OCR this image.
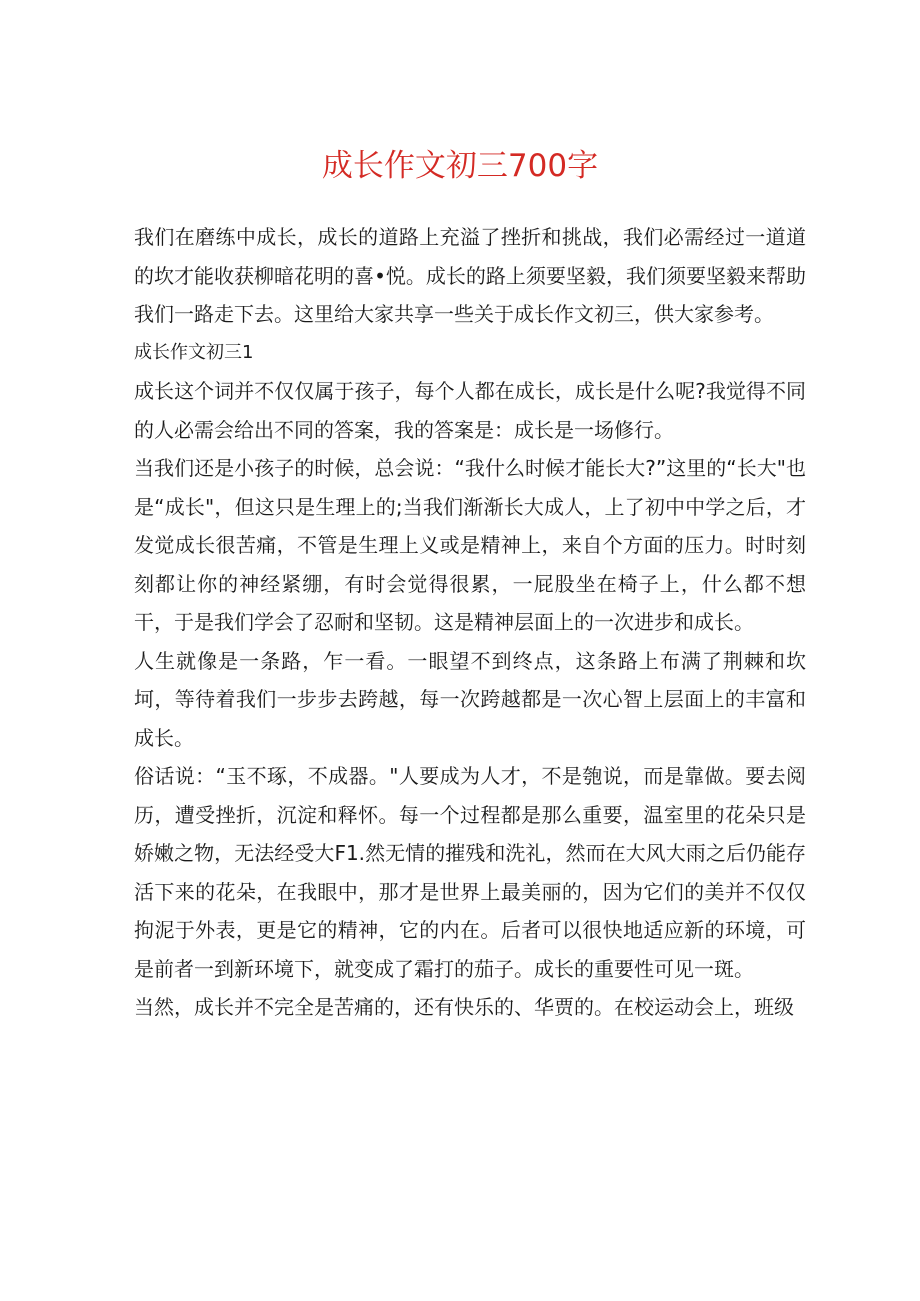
成长作文初三700字

我们在磨练中成长，成长的道路上充溢了挫折和挑战，我们必需经过一道道的坎才能收获柳暗花明的喜•悦。成长的路上须要坚毅，我们须要坚毅来帮助我们一路走下去。这里给大家共享一些关于成长作文初三，供大家参考。

成长作文初三1

成长这个词并不仅仅属于孩子，每个人都在成长，成长是什么呢?我觉得不同的人必需会给出不同的答案，我的答案是：成长是一场修行。

当我们还是小孩子的时候，总会说：“我什么时候才能长大?”这里的“长大"也是“成长"，但这只是生理上的;当我们渐渐长大成人，上了初中中学之后，才发觉成长很苦痛，不管是生理上义或是精神上，来自个方面的压力。时时刻刻都让你的神经紧绷，有时会觉得很累，一屁股坐在椅子上，什么都不想干，于是我们学会了忍耐和坚韧。这是精神层面上的一次进步和成长。

人生就像是一条路，乍一看。一眼望不到终点，这条路上布满了荆棘和坎坷，等待着我们一步步去跨越，每一次跨越都是一次心智上层面上的丰富和成长。

俗话说：“玉不琢，不成器。"人要成为人才，不是匏说，而是靠做。要去阅历，遭受挫折，沉淀和释怀。每一个过程都是那么重要，温室里的花朵只是娇嫩之物，无法经受大F1.然无情的摧残和洗礼，然而在大风大雨之后仍能存活下来的花朵，在我眼中，那才是世界上最美丽的，因为它们的美并不仅仅拘泥于外表，更是它的精神，它的内在。后者可以很快地适应新的环境，可是前者一到新环境下，就变成了霜打的茄子。成长的重要性可见一斑。

当然，成长并不完全是苦痛的，还有快乐的、华贾的。在校运动会上，班级
